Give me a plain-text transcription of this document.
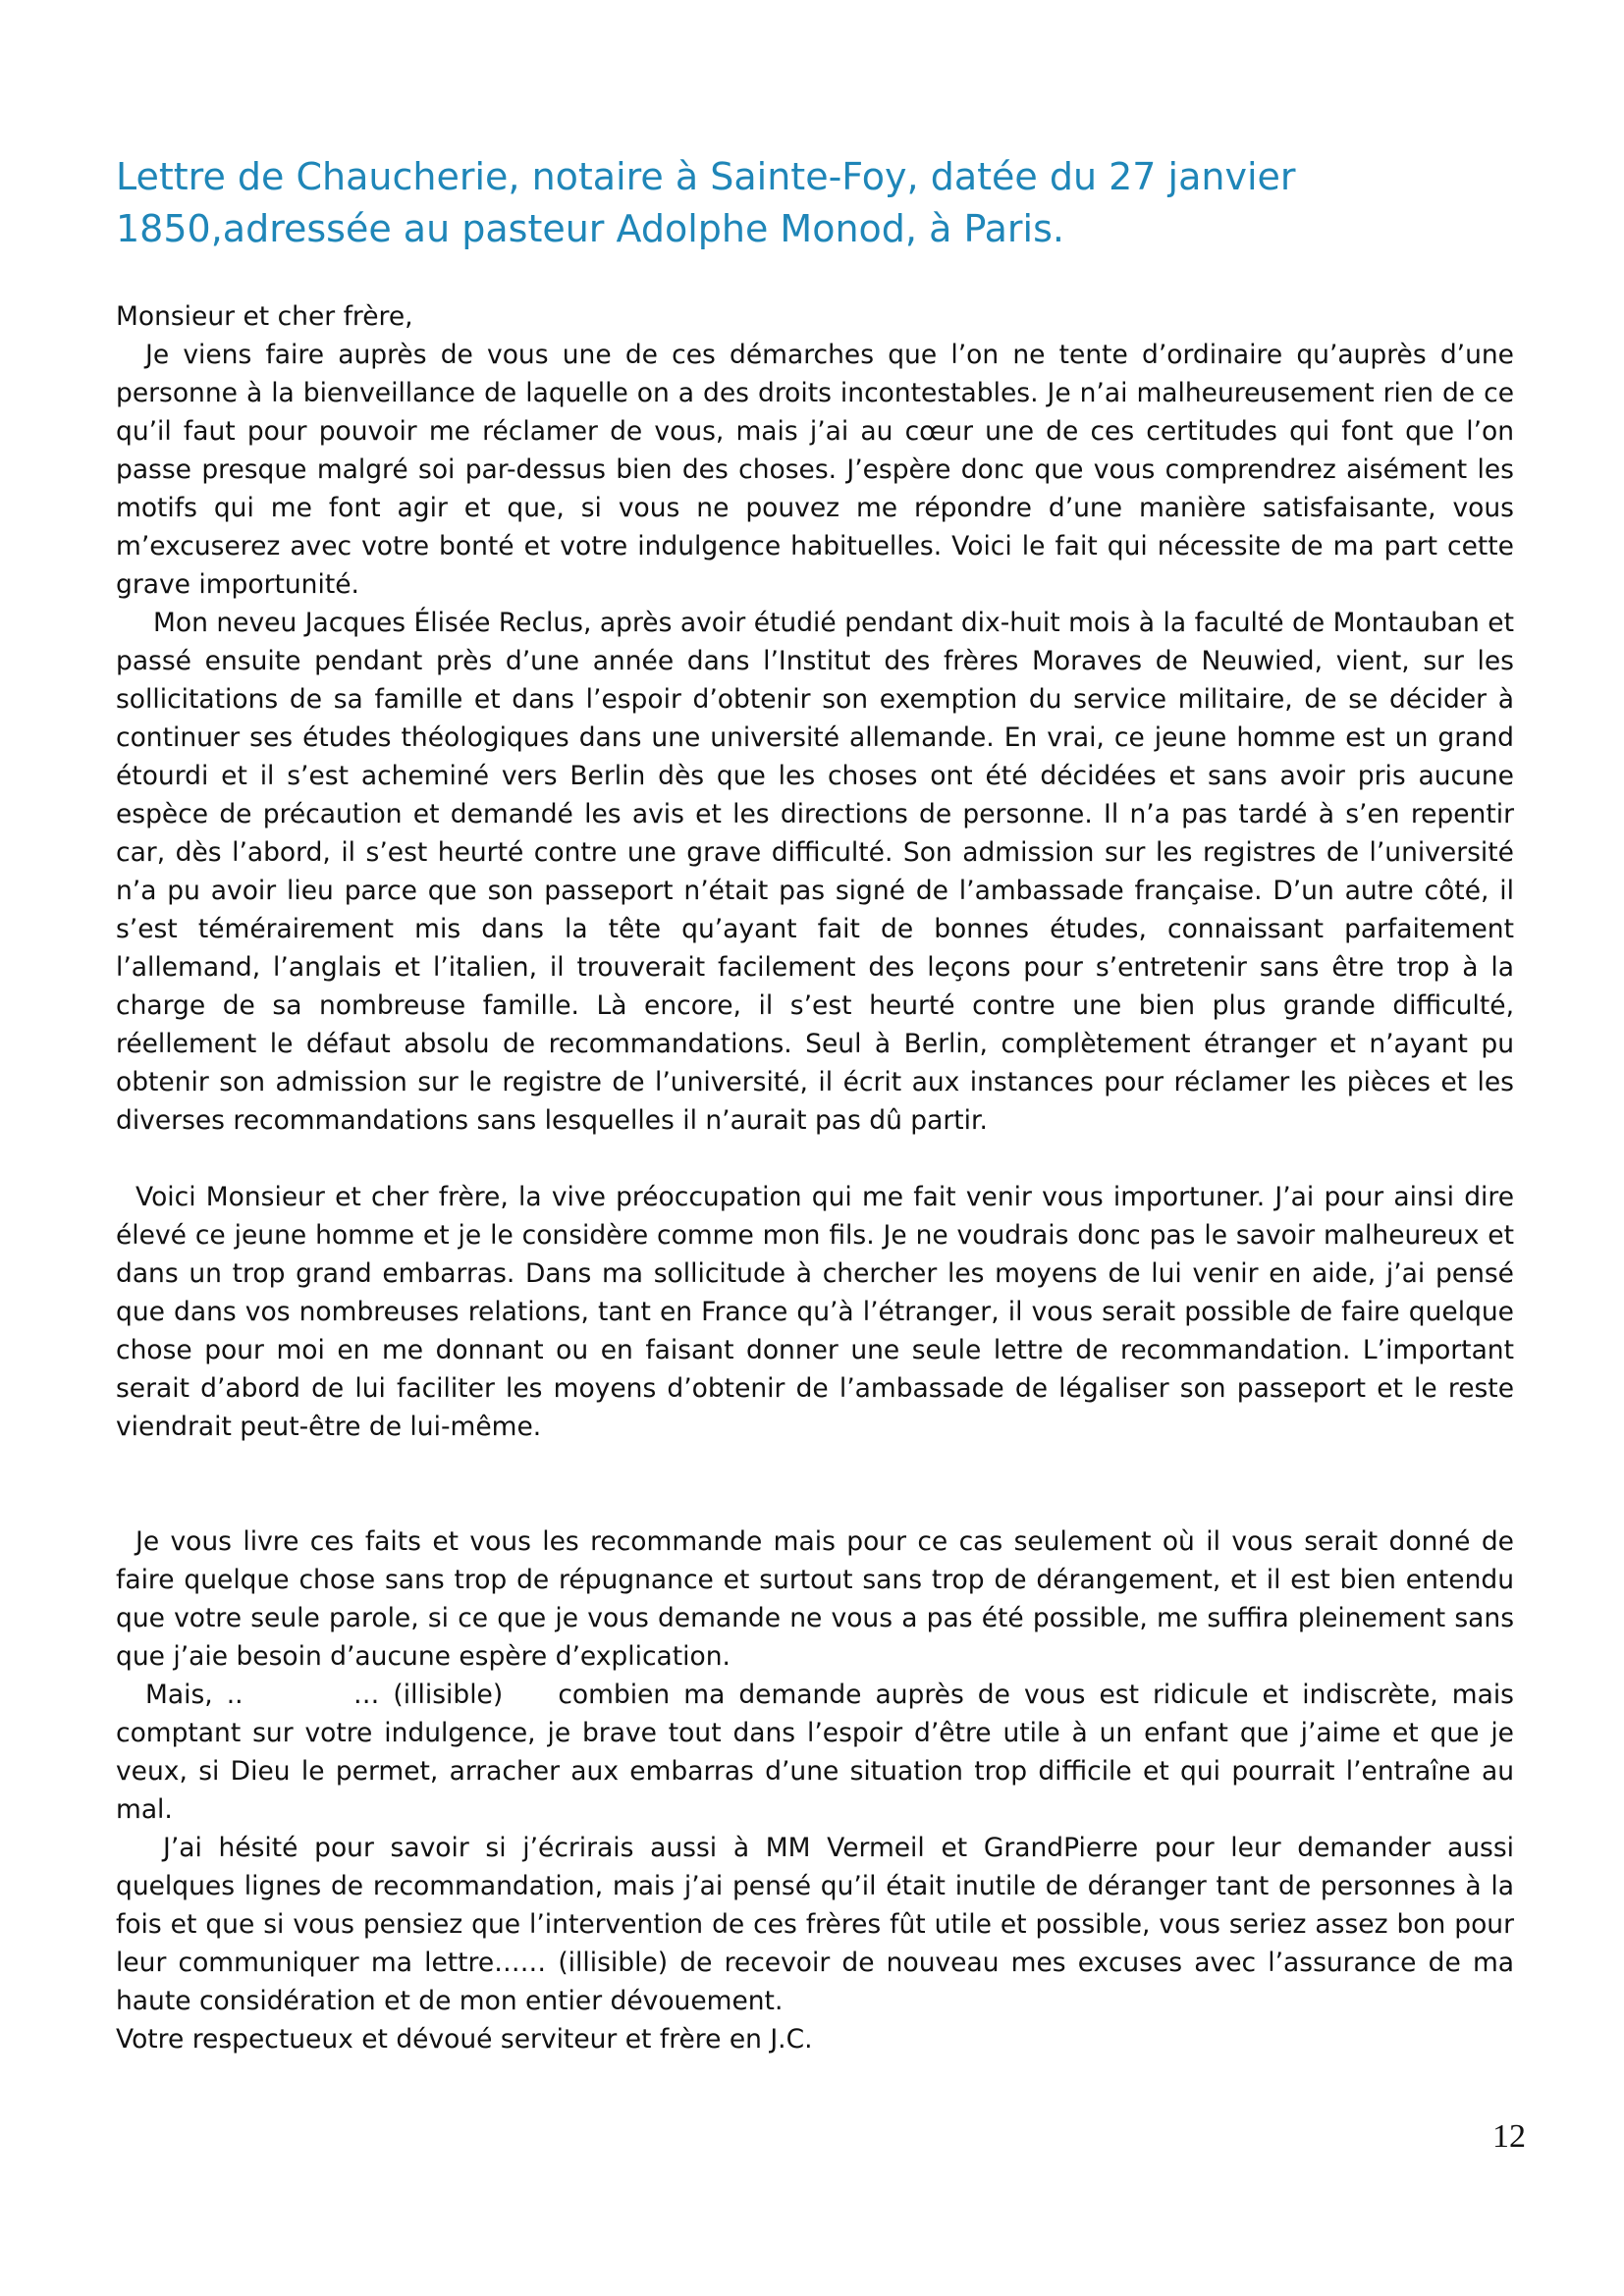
Lettre de Chaucherie, notaire à Sainte-Foy, datée du 27 janvier
1850,adressée au pasteur Adolphe Monod, à Paris.

Monsieur et cher frère,

Je viens faire auprès de vous une de ces démarches que l’on ne tente d’ordinaire qu’auprès d’une personne à la bienveillance de laquelle on a des droits incontestables. Je n’ai malheureusement rien de ce qu’il faut pour pouvoir me réclamer de vous, mais j’ai au cœur une de ces certitudes qui font que l’on passe presque malgré soi par-dessus bien des choses. J’espère donc que vous comprendrez aisément les motifs qui me font agir et que, si vous ne pouvez me répondre d’une manière satisfaisante, vous m’excuserez avec votre bonté et votre indulgence habituelles. Voici le fait qui nécessite de ma part cette grave importunité.

Mon neveu Jacques Élisée Reclus, après avoir étudié pendant dix-huit mois à la faculté de Montauban et passé ensuite pendant près d’une année dans l’Institut des frères Moraves de Neuwied, vient, sur les sollicitations de sa famille et dans l’espoir d’obtenir son exemption du service militaire, de se décider à continuer ses études théologiques dans une université allemande. En vrai, ce jeune homme est un grand étourdi et il s’est acheminé vers Berlin dès que les choses ont été décidées et sans avoir pris aucune espèce de précaution et demandé les avis et les directions de personne. Il n’a pas tardé à s’en repentir car, dès l’abord, il s’est heurté contre une grave difficulté. Son admission sur les registres de l’université n’a pu avoir lieu parce que son passeport n’était pas signé de l’ambassade française. D’un autre côté, il s’est témérairement mis dans la tête qu’ayant fait de bonnes études, connaissant parfaitement l’allemand, l’anglais et l’italien, il trouverait facilement des leçons pour s’entretenir sans être trop à la charge de sa nombreuse famille. Là encore, il s’est heurté contre une bien plus grande difficulté, réellement le défaut absolu de recommandations. Seul à Berlin, complètement étranger et n’ayant pu obtenir son admission sur le registre de l’université, il écrit aux instances pour réclamer les pièces et les diverses recommandations sans lesquelles il n’aurait pas dû partir.

Voici Monsieur et cher frère, la vive préoccupation qui me fait venir vous importuner. J’ai pour ainsi dire élevé ce jeune homme et je le considère comme mon fils. Je ne voudrais donc pas le savoir malheureux et dans un trop grand embarras. Dans ma sollicitude à chercher les moyens de lui venir en aide, j’ai pensé que dans vos nombreuses relations, tant en France qu’à l’étranger, il vous serait possible de faire quelque chose pour moi en me donnant ou en faisant donner une seule lettre de recommandation. L’important serait d’abord de lui faciliter les moyens d’obtenir de l’ambassade de légaliser son passeport et le reste viendrait peut-être de lui-même.

Je vous livre ces faits et vous les recommande mais pour ce cas seulement où il vous serait donné de faire quelque chose sans trop de répugnance et surtout sans trop de dérangement, et il est bien entendu que votre seule parole, si ce que je vous demande ne vous a pas été possible, me suffira pleinement sans que j’aie besoin d’aucune espère d’explication.

Mais, ..        … (illisible)    combien ma demande auprès de vous est ridicule et indiscrète, mais comptant sur votre indulgence, je brave tout dans l’espoir d’être utile à un enfant que j’aime et que je veux, si Dieu le permet, arracher aux embarras d’une situation trop difficile et qui pourrait l’entraîne au mal.

J’ai hésité pour savoir si j’écrirais aussi à MM Vermeil et GrandPierre pour leur demander aussi quelques lignes de recommandation, mais j’ai pensé qu’il était inutile de déranger tant de personnes à la fois et que si vous pensiez que l’intervention de ces frères fût utile et possible, vous seriez assez bon pour leur communiquer ma lettre…… (illisible) de recevoir de nouveau mes excuses avec l’assurance de ma haute considération et de mon entier dévouement.

Votre respectueux et dévoué serviteur et frère en J.C.

12
